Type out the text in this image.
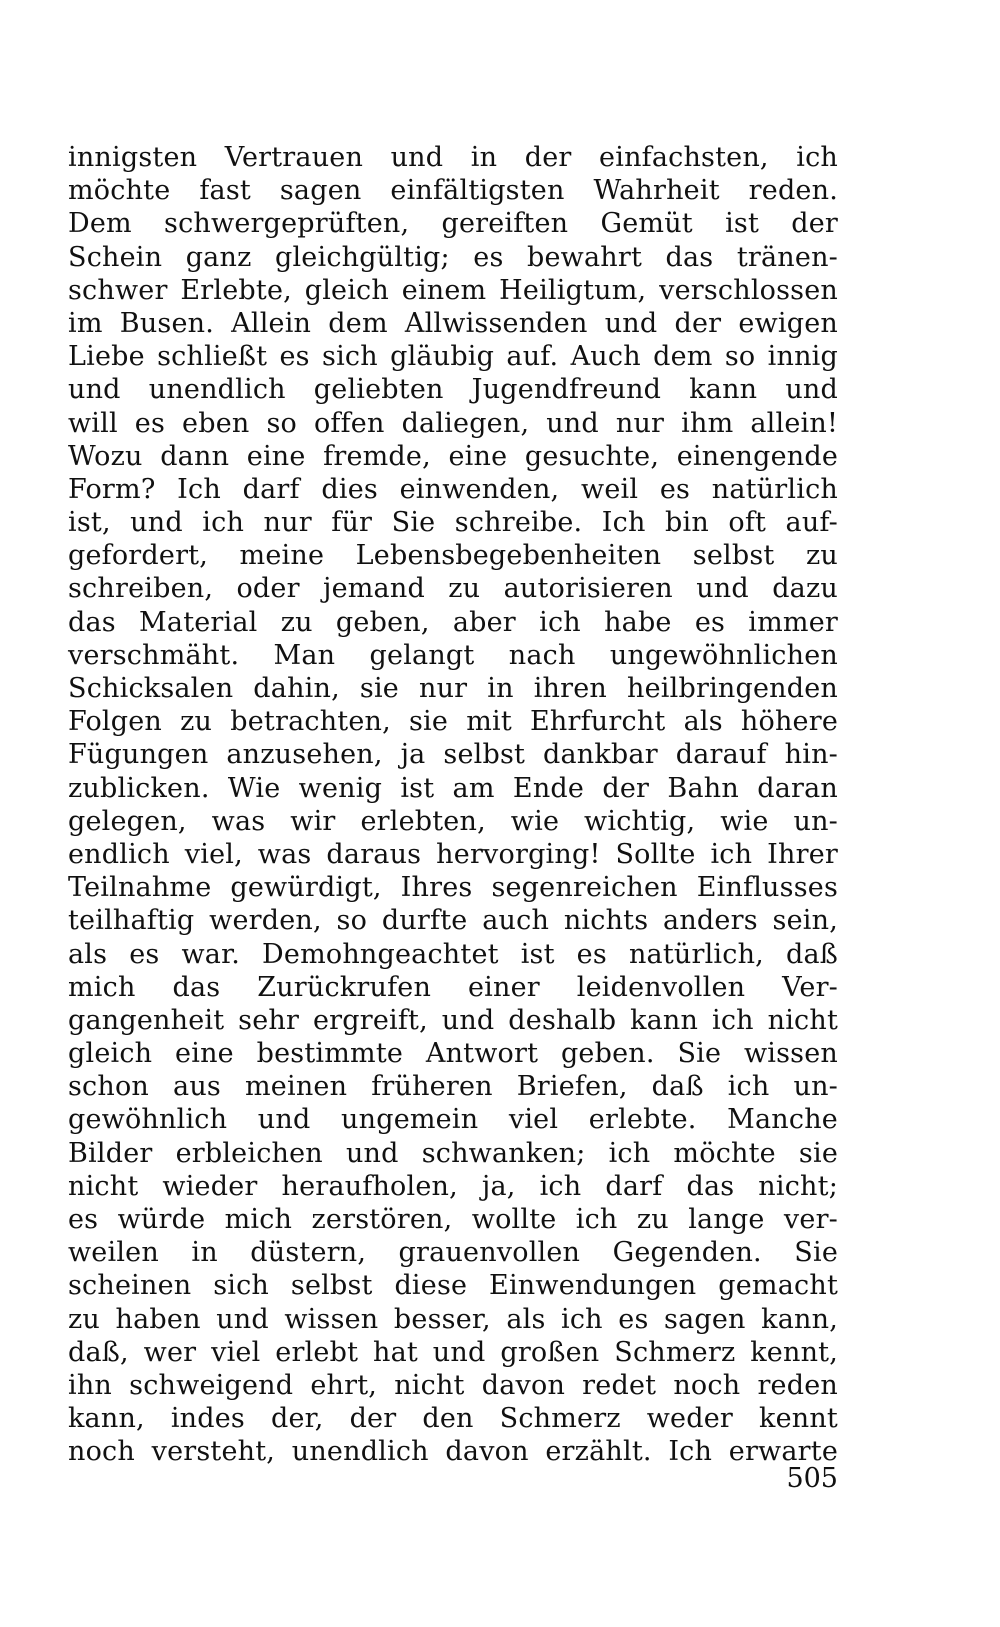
innigsten Vertrauen und in der einfachsten, ich
möchte fast sagen einfältigsten Wahrheit reden.
Dem schwergeprüften, gereiften Gemüt ist der
Schein ganz gleichgültig; es bewahrt das tränen-
schwer Erlebte, gleich einem Heiligtum, verschlossen
im Busen. Allein dem Allwissenden und der ewigen
Liebe schließt es sich gläubig auf. Auch dem so innig
und unendlich geliebten Jugendfreund kann und
will es eben so offen daliegen, und nur ihm allein!
Wozu dann eine fremde, eine gesuchte, einengende
Form? Ich darf dies einwenden, weil es natürlich
ist, und ich nur für Sie schreibe. Ich bin oft auf-
gefordert, meine Lebensbegebenheiten selbst zu
schreiben, oder jemand zu autorisieren und dazu
das Material zu geben, aber ich habe es immer
verschmäht. Man gelangt nach ungewöhnlichen
Schicksalen dahin, sie nur in ihren heilbringenden
Folgen zu betrachten, sie mit Ehrfurcht als höhere
Fügungen anzusehen, ja selbst dankbar darauf hin-
zublicken. Wie wenig ist am Ende der Bahn daran
gelegen, was wir erlebten, wie wichtig, wie un-
endlich viel, was daraus hervorging! Sollte ich Ihrer
Teilnahme gewürdigt, Ihres segenreichen Einflusses
teilhaftig werden, so durfte auch nichts anders sein,
als es war. Demohngeachtet ist es natürlich, daß
mich das Zurückrufen einer leidenvollen Ver-
gangenheit sehr ergreift, und deshalb kann ich nicht
gleich eine bestimmte Antwort geben. Sie wissen
schon aus meinen früheren Briefen, daß ich un-
gewöhnlich und ungemein viel erlebte. Manche
Bilder erbleichen und schwanken; ich möchte sie
nicht wieder heraufholen, ja, ich darf das nicht;
es würde mich zerstören, wollte ich zu lange ver-
weilen in düstern, grauenvollen Gegenden. Sie
scheinen sich selbst diese Einwendungen gemacht
zu haben und wissen besser, als ich es sagen kann,
daß, wer viel erlebt hat und großen Schmerz kennt,
ihn schweigend ehrt, nicht davon redet noch reden
kann, indes der, der den Schmerz weder kennt
noch versteht, unendlich davon erzählt. Ich erwarte
505
